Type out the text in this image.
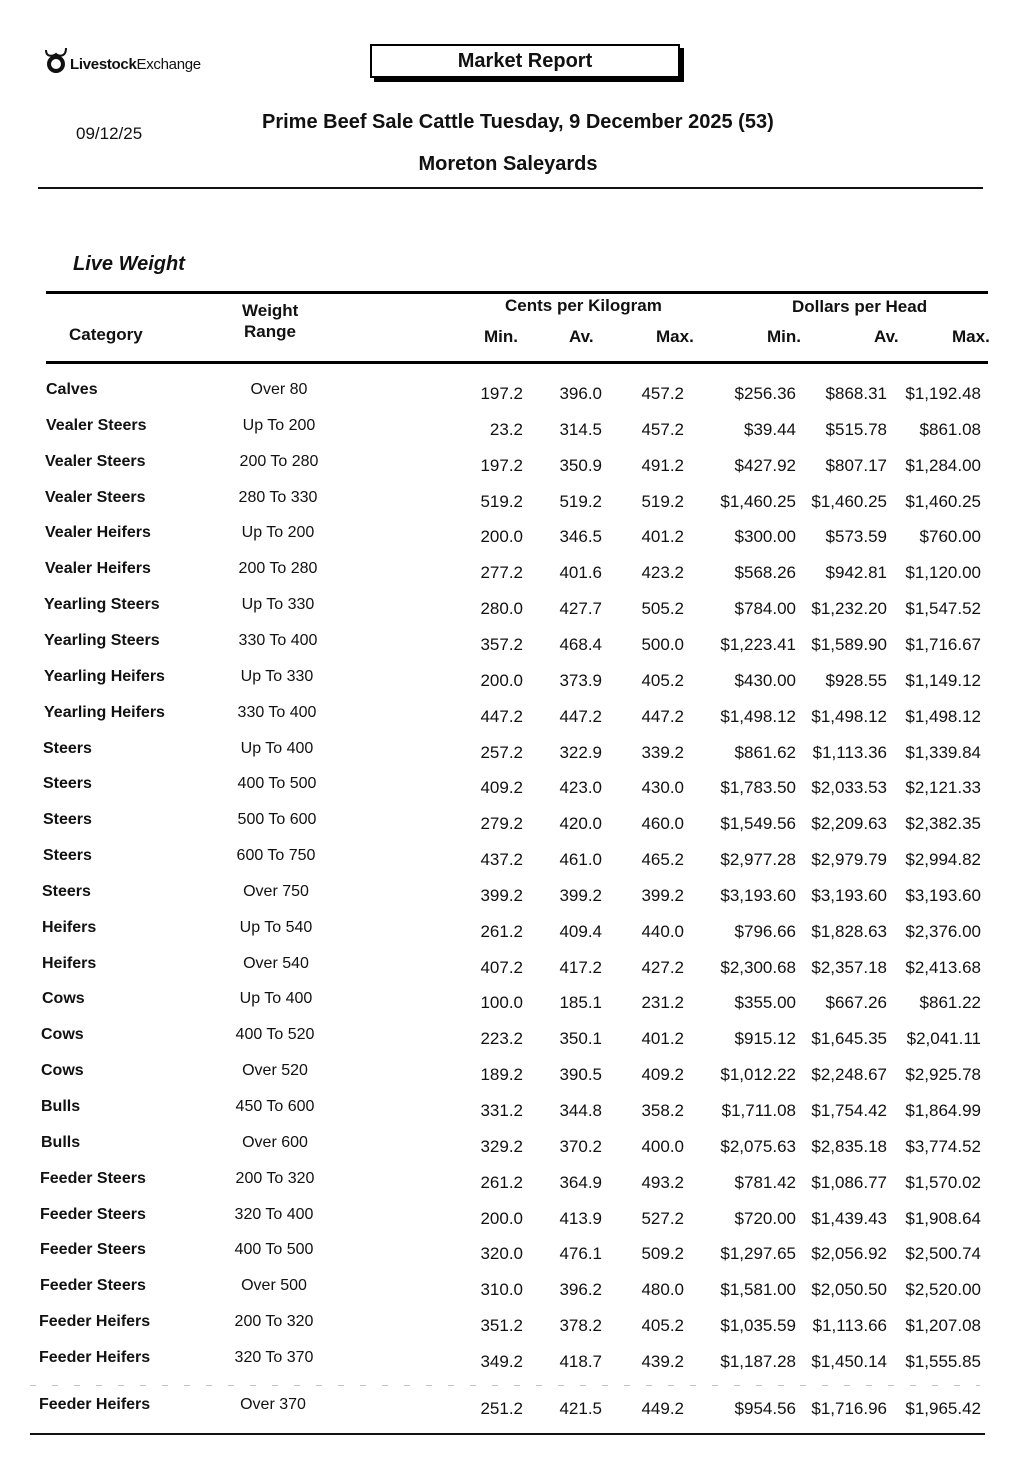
LivestockExchange	Market Report
09/12/25
Prime Beef Sale Cattle Tuesday, 9 December 2025 (53)
Moreton Saleyards
Live Weight
Category
Weight
Range
Cents per Kilogram	Dollars per Head
Min.	Av.	Max.	Min.	Av.	Max.
Calves	Over 80	197.2 396.0 457.2	$256.36 $868.31 $1,192.48
Vealer Steers	Up To 200	23.2 314.5 457.2	$39.44 $515.78 $861.08
Vealer Steers	200 To 280	197.2 350.9 491.2	$427.92 $807.17 $1,284.00
Vealer Steers	280 To 330	519.2 519.2 519.2 $1,460.25 $1,460.25 $1,460.25
Vealer Heifers	Up To 200	200.0 346.5 401.2	$300.00 $573.59 $760.00
Vealer Heifers	200 To 280	277.2 401.6 423.2	$568.26 $942.81 $1,120.00
Yearling Steers	Up To 330	280.0 427.7 505.2	$784.00 $1,232.20 $1,547.52
Yearling Steers	330 To 400	357.2 468.4 500.0 $1,223.41 $1,589.90 $1,716.67
Yearling Heifers	Up To 330	200.0 373.9 405.2	$430.00 $928.55 $1,149.12
Yearling Heifers	330 To 400	447.2 447.2 447.2 $1,498.12 $1,498.12 $1,498.12
Steers	Up To 400	257.2 322.9 339.2	$861.62 $1,113.36 $1,339.84
Steers	400 To 500	409.2 423.0 430.0 $1,783.50 $2,033.53 $2,121.33
Steers	500 To 600	279.2 420.0 460.0 $1,549.56 $2,209.63 $2,382.35
Steers	600 To 750	437.2 461.0 465.2 $2,977.28 $2,979.79 $2,994.82
Steers	Over 750	399.2 399.2 399.2 $3,193.60 $3,193.60 $3,193.60
Heifers	Up To 540	261.2 409.4 440.0	$796.66 $1,828.63 $2,376.00
Heifers	Over 540	407.2 417.2 427.2 $2,300.68 $2,357.18 $2,413.68
Cows	Up To 400	100.0 185.1 231.2	$355.00 $667.26 $861.22
Cows	400 To 520	223.2 350.1 401.2	$915.12 $1,645.35 $2,041.11
Cows	Over 520	189.2 390.5 409.2 $1,012.22 $2,248.67 $2,925.78
Bulls	450 To 600	331.2 344.8 358.2 $1,711.08 $1,754.42 $1,864.99
Bulls	Over 600	329.2 370.2 400.0 $2,075.63 $2,835.18 $3,774.52
Feeder Steers	200 To 320	261.2 364.9 493.2	$781.42 $1,086.77 $1,570.02
Feeder Steers	320 To 400	200.0 413.9 527.2	$720.00 $1,439.43 $1,908.64
Feeder Steers	400 To 500	320.0 476.1 509.2 $1,297.65 $2,056.92 $2,500.74
Feeder Steers	Over 500	310.0 396.2 480.0 $1,581.00 $2,050.50 $2,520.00
Feeder Heifers	200 To 320	351.2 378.2 405.2 $1,035.59 $1,113.66 $1,207.08
Feeder Heifers	320 To 370	349.2 418.7 439.2 $1,187.28 $1,450.14 $1,555.85
Feeder Heifers	Over 370	251.2 421.5 449.2	$954.56 $1,716.96 $1,965.42
